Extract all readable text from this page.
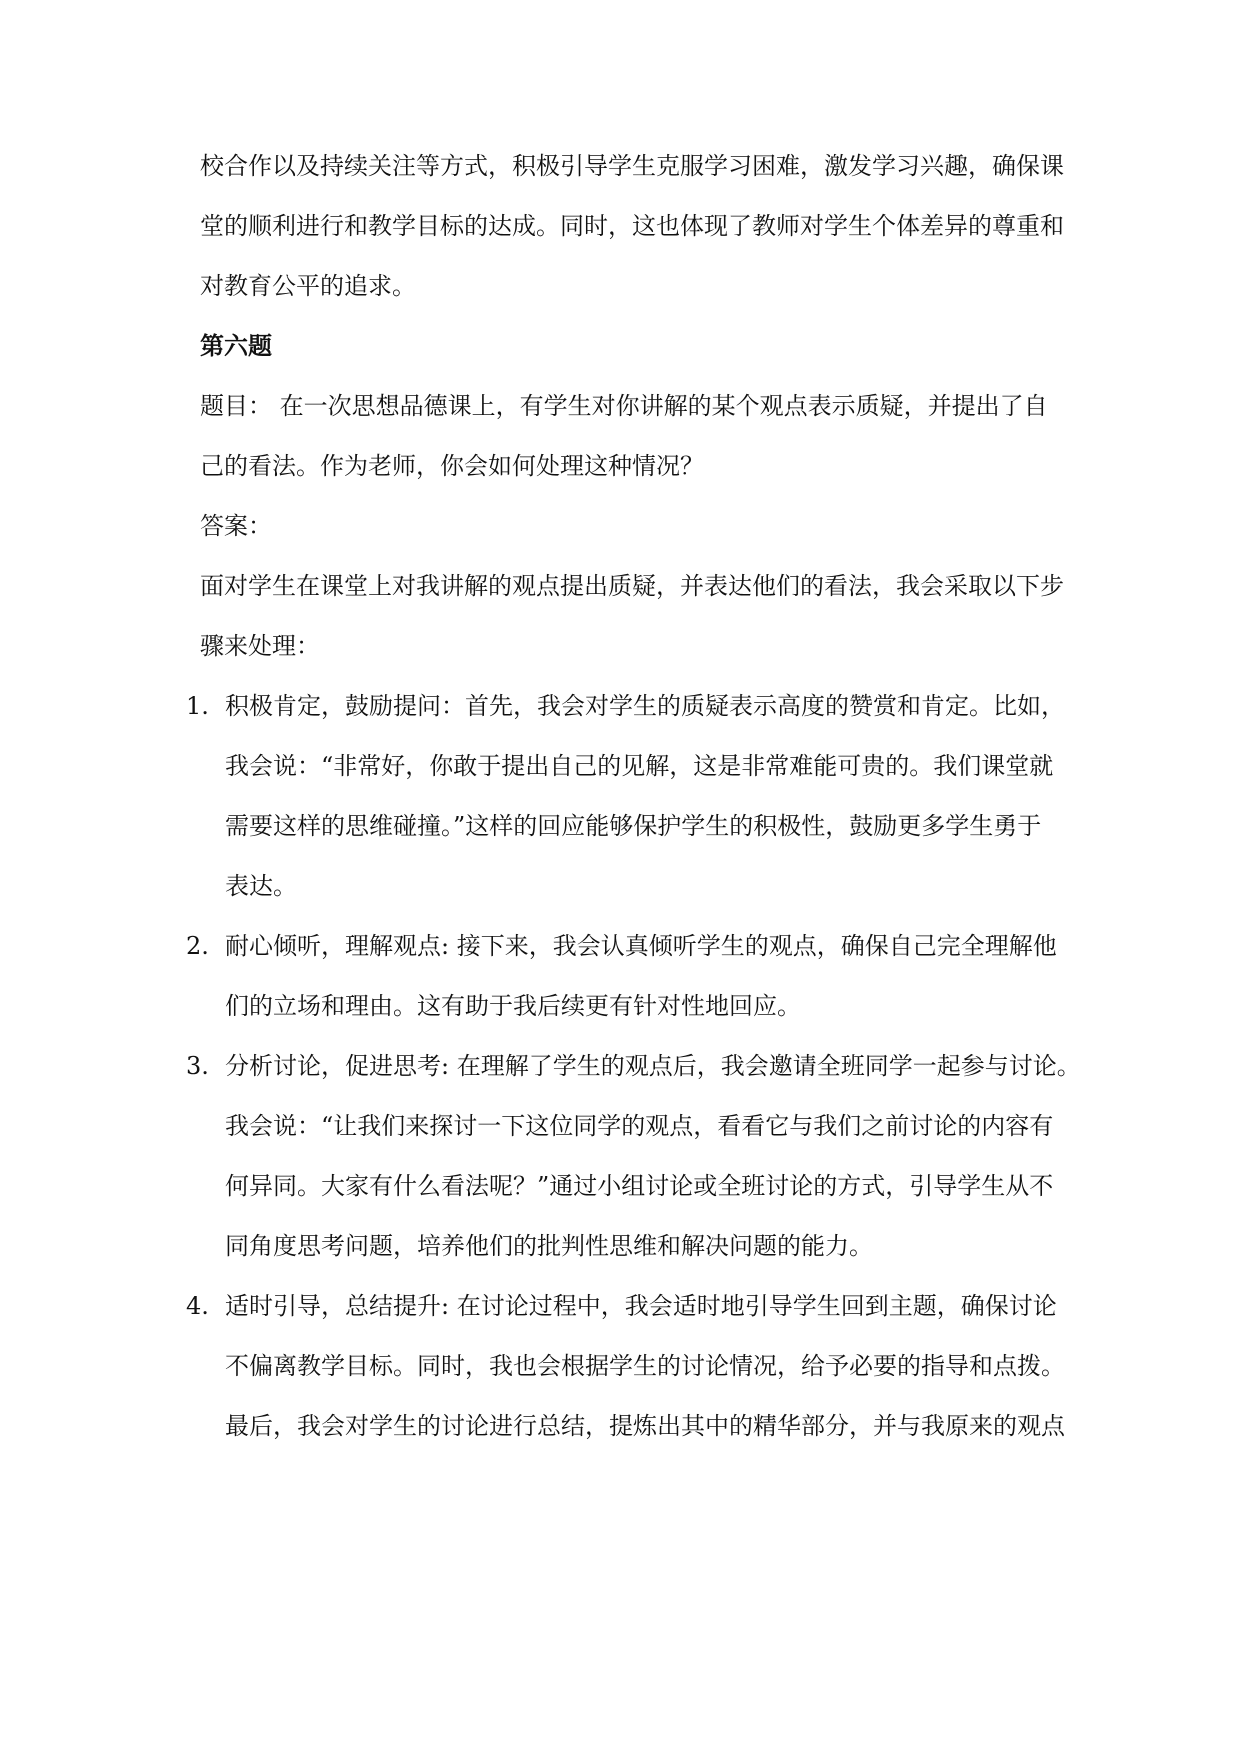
校合作以及持续关注等方式，积极引导学生克服学习困难，激发学习兴趣，确保课

堂的顺利进行和教学目标的达成。同时，这也体现了教师对学生个体差异的尊重和

对教育公平的追求。

第六题

题目： 在一次思想品德课上，有学生对你讲解的某个观点表示质疑，并提出了自

己的看法。作为老师，你会如何处理这种情况？

答案：

面对学生在课堂上对我讲解的观点提出质疑，并表达他们的看法，我会采取以下步

骤来处理：

1. 积极肯定，鼓励提问：首先，我会对学生的质疑表示高度的赞赏和肯定。比如，

我会说：“非常好，你敢于提出自己的见解，这是非常难能可贵的。我们课堂就

需要这样的思维碰撞。”这样的回应能够保护学生的积极性，鼓励更多学生勇于

表达。

2. 耐心倾听，理解观点: 接下来，我会认真倾听学生的观点，确保自己完全理解他

们的立场和理由。这有助于我后续更有针对性地回应。

3. 分析讨论，促进思考: 在理解了学生的观点后，我会邀请全班同学一起参与讨论。

我会说：“让我们来探讨一下这位同学的观点，看看它与我们之前讨论的内容有

何异同。大家有什么看法呢？”通过小组讨论或全班讨论的方式，引导学生从不

同角度思考问题，培养他们的批判性思维和解决问题的能力。

4. 适时引导，总结提升: 在讨论过程中，我会适时地引导学生回到主题，确保讨论

不偏离教学目标。同时，我也会根据学生的讨论情况，给予必要的指导和点拨。

最后，我会对学生的讨论进行总结，提炼出其中的精华部分，并与我原来的观点
